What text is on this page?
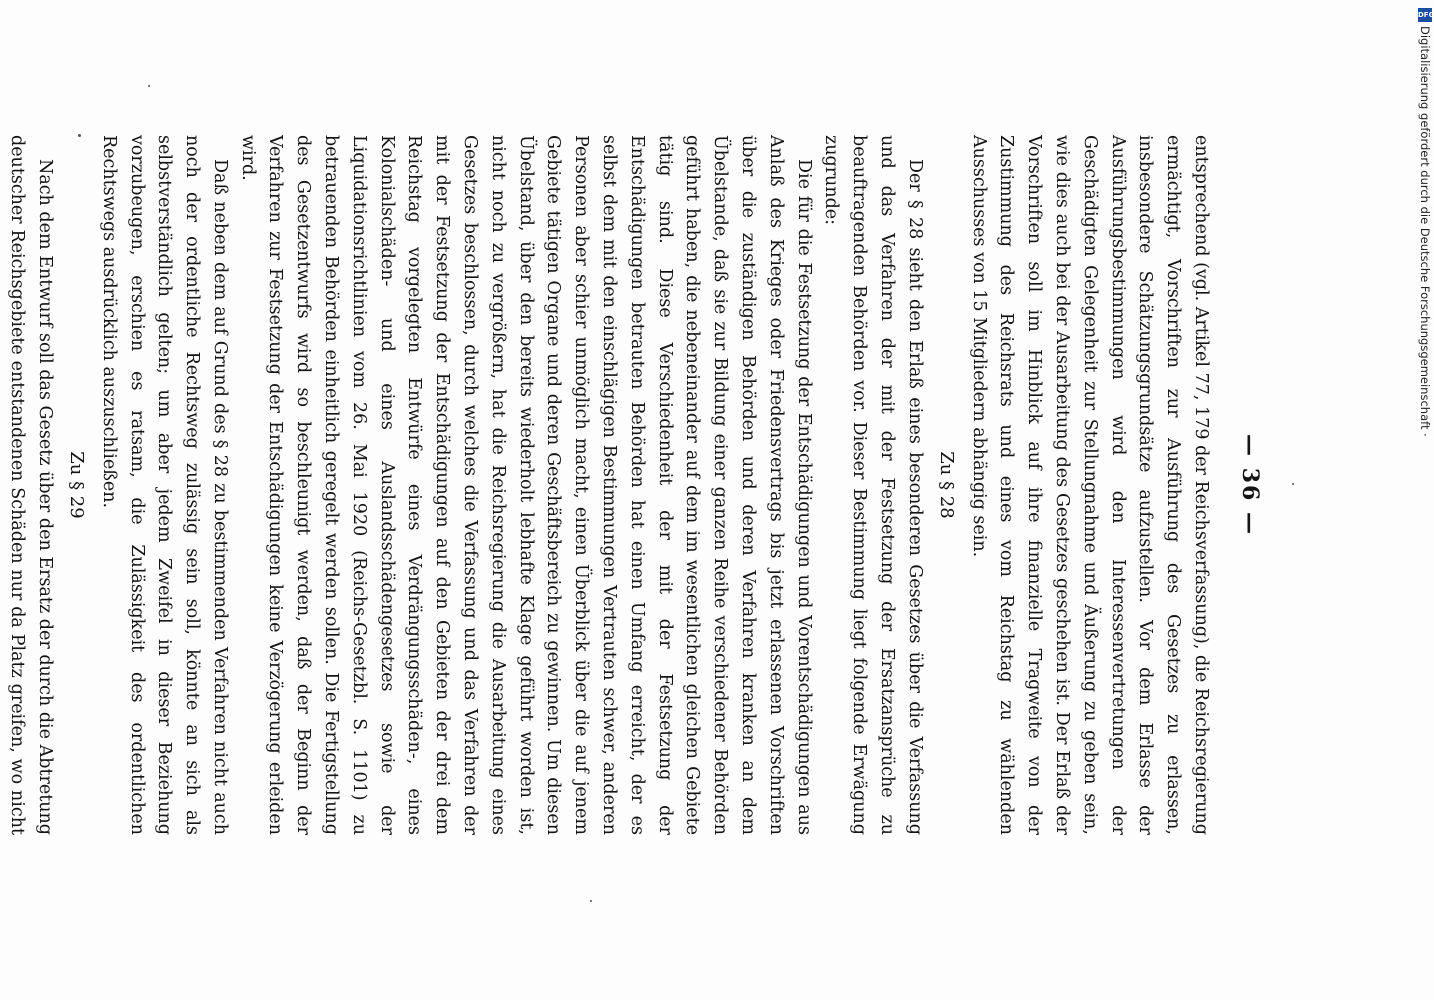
— 36 —

entsprechend (vgl. Artikel 77, 179 der Reichsverfassung), die Reichsregierung ermächtigt, Vorschriften zur Ausführung des Gesetzes zu erlassen, insbesondere Schätzungsgrundsätze aufzustellen. Vor dem Erlasse der Ausführungsbestimmungen wird den Interessenvertretungen der Geschädigten Gelegenheit zur Stellungnahme und Äußerung zu geben sein, wie dies auch bei der Ausarbeitung des Gesetzes geschehen ist. Der Erlaß der Vorschriften soll im Hinblick auf ihre finanzielle Tragweite von der Zustimmung des Reichsrats und eines vom Reichstag zu wählenden Ausschusses von 15 Mitgliedern abhängig sein.

Zu § 28

Der § 28 sieht den Erlaß eines besonderen Gesetzes über die Verfassung und das Verfahren der mit der Festsetzung der Ersatzansprüche zu beauftragenden Behörden vor. Dieser Bestimmung liegt folgende Erwägung zugrunde:

Die für die Festsetzung der Entschädigungen und Vorentschädigungen aus Anlaß des Krieges oder Friedensvertrags bis jetzt erlassenen Vorschriften über die zuständigen Behörden und deren Verfahren kranken an dem Übelstande, daß sie zur Bildung einer ganzen Reihe verschiedener Behörden geführt haben, die nebeneinander auf dem im wesentlichen gleichen Gebiete tätig sind. Diese Verschiedenheit der mit der Festsetzung der Entschädigungen betrauten Behörden hat einen Umfang erreicht, der es selbst dem mit den einschlägigen Bestimmungen Vertrauten schwer, anderen Personen aber schier unmöglich macht, einen Überblick über die auf jenem Gebiete tätigen Organe und deren Geschäftsbereich zu gewinnen. Um diesen Übelstand, über den bereits wiederholt lebhafte Klage geführt worden ist, nicht noch zu vergrößern, hat die Reichsregierung die Ausarbeitung eines Gesetzes beschlossen, durch welches die Verfassung und das Verfahren der mit der Festsetzung der Entschädigungen auf den Gebieten der drei dem Reichstag vorgelegten Entwürfe eines Verdrängungsschäden-, eines Kolonialschäden- und eines Auslandsschädengesetzes sowie der Liquidationsrichtlinien vom 26. Mai 1920 (Reichs-Gesetzbl. S. 1101) zu betrauenden Behörden einheitlich geregelt werden sollen. Die Fertigstellung des Gesetzentwurfs wird so beschleunigt werden, daß der Beginn der Verfahren zur Festsetzung der Entschädigungen keine Verzögerung erleiden wird.

Daß neben dem auf Grund des § 28 zu bestimmenden Verfahren nicht auch noch der ordentliche Rechtsweg zulässig sein soll, könnte an sich als selbstverständlich gelten; um aber jedem Zweifel in dieser Beziehung vorzubeugen, erschien es ratsam, die Zulässigkeit des ordentlichen Rechtswegs ausdrücklich auszuschließen.

Zu § 29

Nach dem Entwurf soll das Gesetz über den Ersatz der durch die Abtretung deutscher Reichsgebiete entstandenen Schäden nur da Platz greifen, wo nicht

DFG
Digitalisierung gefördert durch die Deutsche Forschungsgemeinschaft ·
